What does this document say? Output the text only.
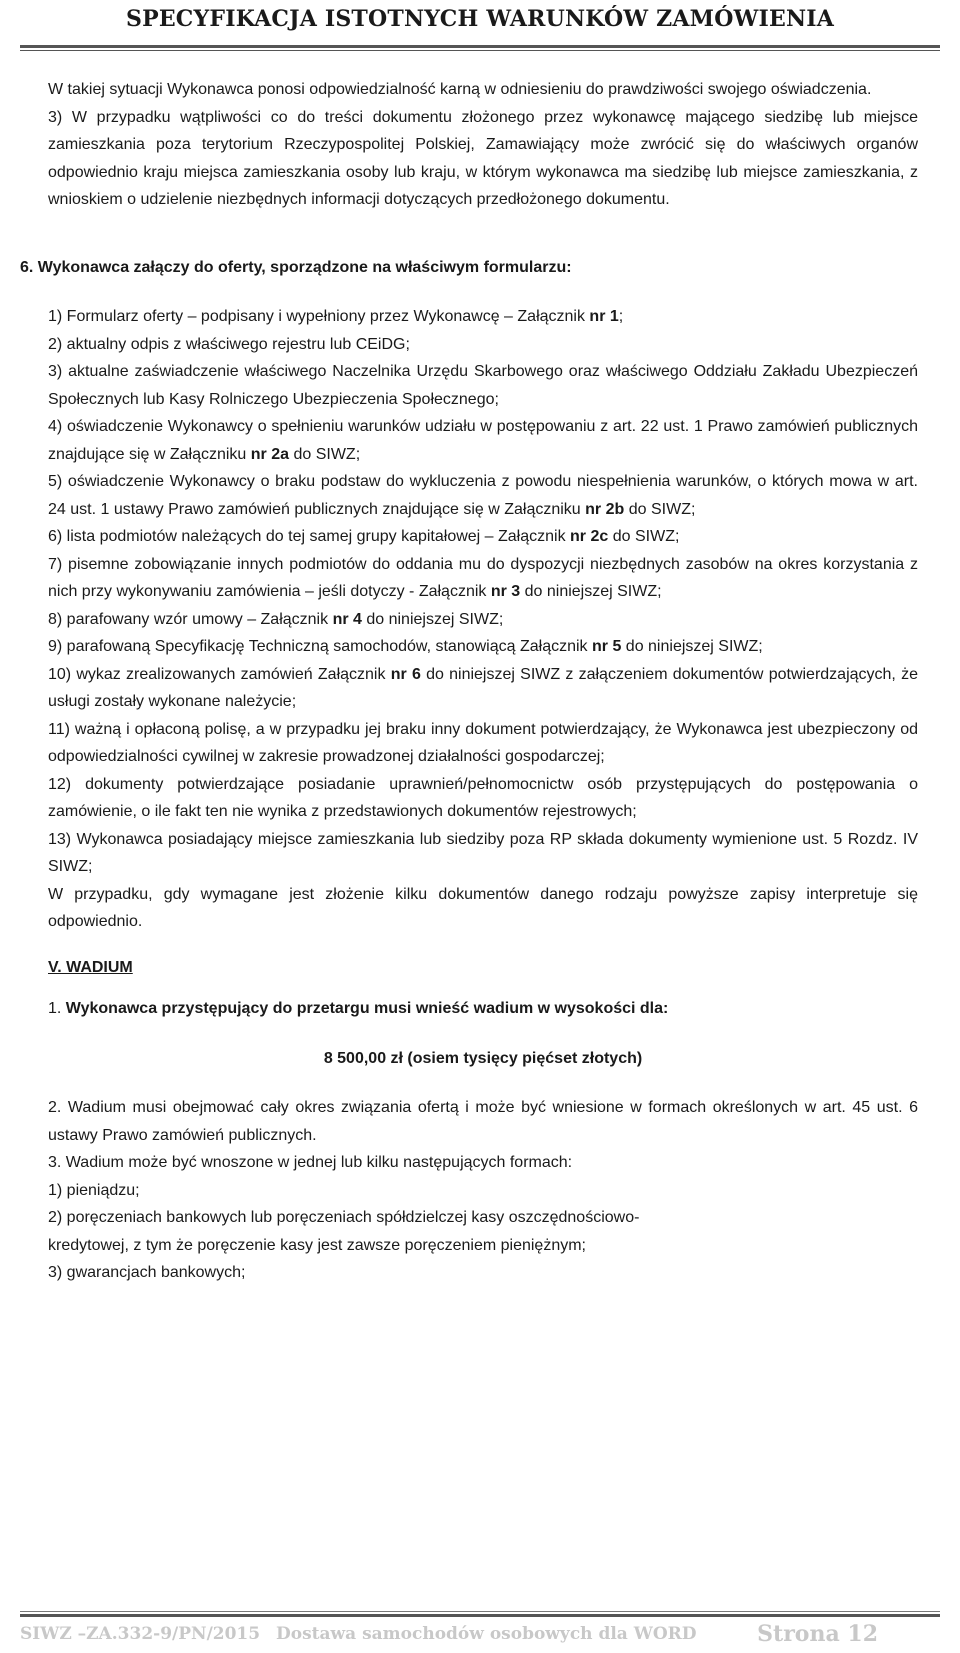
SPECYFIKACJA ISTOTNYCH WARUNKÓW ZAMÓWIENIA

W takiej sytuacji Wykonawca ponosi odpowiedzialność karną w odniesieniu do prawdziwości swojego oświadczenia.

3) W przypadku wątpliwości co do treści dokumentu złożonego przez wykonawcę mającego siedzibę lub miejsce zamieszkania poza terytorium Rzeczypospolitej Polskiej, Zamawiający może zwrócić się do właściwych organów odpowiednio kraju miejsca zamieszkania osoby lub kraju, w którym wykonawca ma siedzibę lub miejsce zamieszkania, z wnioskiem o udzielenie niezbędnych informacji dotyczących przedłożonego dokumentu.

6. Wykonawca załączy do oferty, sporządzone na właściwym formularzu:

1) Formularz oferty – podpisany i wypełniony przez Wykonawcę – Załącznik nr 1;

2) aktualny odpis z właściwego rejestru lub CEiDG;

3) aktualne zaświadczenie właściwego Naczelnika Urzędu Skarbowego oraz właściwego Oddziału Zakładu Ubezpieczeń Społecznych lub Kasy Rolniczego Ubezpieczenia Społecznego;

4) oświadczenie Wykonawcy o spełnieniu warunków udziału w postępowaniu z art. 22 ust. 1 Prawo zamówień publicznych znajdujące się w Załączniku nr 2a do SIWZ;

5) oświadczenie Wykonawcy o braku podstaw do wykluczenia z powodu niespełnienia warunków, o których mowa w art. 24 ust. 1 ustawy Prawo zamówień publicznych znajdujące się w Załączniku nr 2b do SIWZ;

6) lista podmiotów należących do tej samej grupy kapitałowej – Załącznik nr 2c do SIWZ;

7) pisemne zobowiązanie innych podmiotów do oddania mu do dyspozycji niezbędnych zasobów na okres korzystania z nich przy wykonywaniu zamówienia – jeśli dotyczy - Załącznik nr 3 do niniejszej SIWZ;

8) parafowany wzór umowy – Załącznik nr 4 do niniejszej SIWZ;

9) parafowaną Specyfikację Techniczną samochodów, stanowiącą Załącznik nr 5 do niniejszej SIWZ;

10) wykaz zrealizowanych zamówień Załącznik nr 6 do niniejszej SIWZ z załączeniem dokumentów potwierdzających, że usługi zostały wykonane należycie;

11) ważną i opłaconą polisę, a w przypadku jej braku inny dokument potwierdzający, że Wykonawca jest ubezpieczony od odpowiedzialności cywilnej w zakresie prowadzonej działalności gospodarczej;

12) dokumenty potwierdzające posiadanie uprawnień/pełnomocnictw osób przystępujących do postępowania o zamówienie, o ile fakt ten nie wynika z przedstawionych dokumentów rejestrowych;

13) Wykonawca posiadający miejsce zamieszkania lub siedziby poza RP składa dokumenty wymienione ust. 5 Rozdz. IV SIWZ;

W przypadku, gdy wymagane jest złożenie kilku dokumentów danego rodzaju powyższe zapisy interpretuje się odpowiednio.

V. WADIUM

1. Wykonawca przystępujący do przetargu musi wnieść wadium w wysokości dla:

8 500,00 zł (osiem tysięcy pięćset złotych)

2. Wadium musi obejmować cały okres związania ofertą i może być wniesione w formach określonych w art. 45 ust. 6 ustawy Prawo zamówień publicznych.

3. Wadium może być wnoszone w jednej lub kilku następujących formach:

1) pieniądzu;

2) poręczeniach bankowych lub poręczeniach spółdzielczej kasy oszczędnościowo-

kredytowej, z tym że poręczenie kasy jest zawsze poręczeniem pieniężnym;

3) gwarancjach bankowych;

SIWZ –ZA.332-9/PN/2015 Dostawa samochodów osobowych dla WORD	Strona 12
